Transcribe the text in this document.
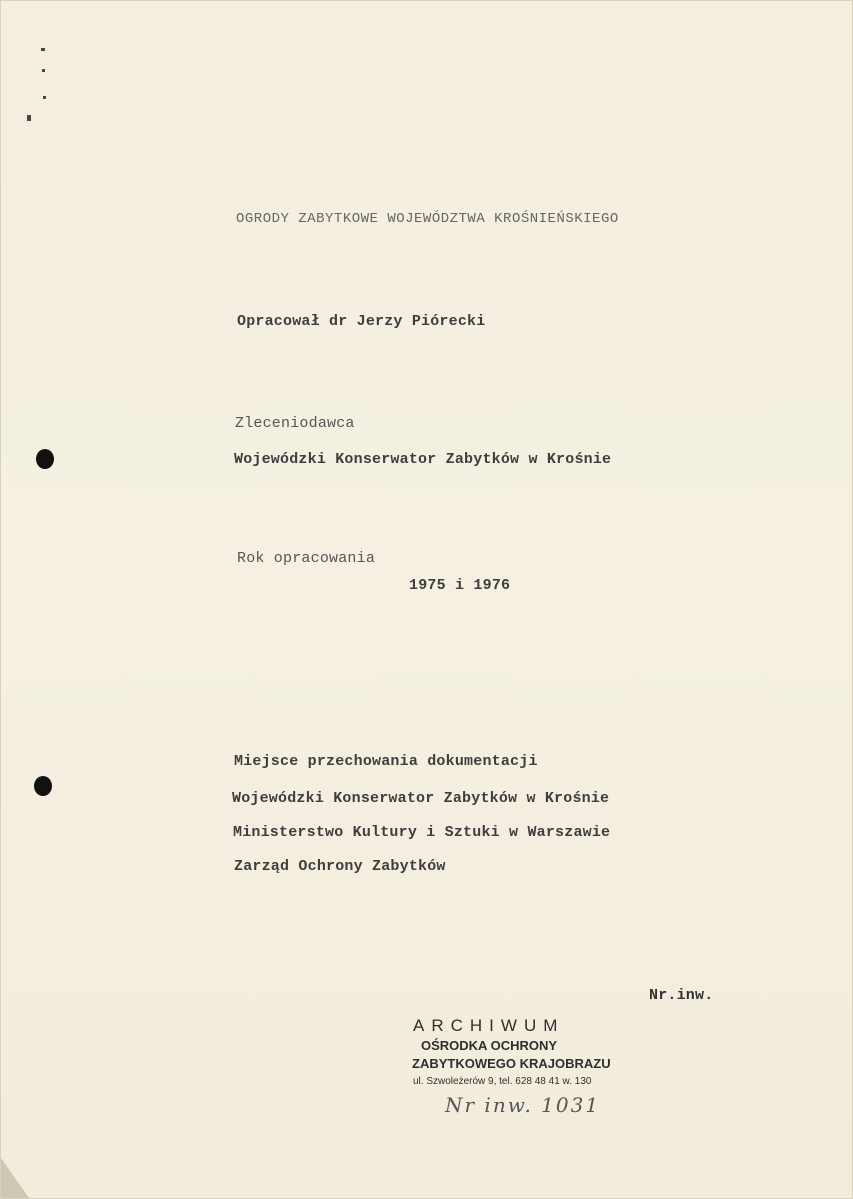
OGRODY ZABYTKOWE WOJEWÓDZTWA KROŚNIEŃSKIEGO
Opracował dr Jerzy Piórecki
Zleceniodawca
Wojewódzki Konserwator Zabytków w Krośnie
Rok opracowania
1975 i 1976
Miejsce przechowania dokumentacji
Wojewódzki Konserwator Zabytków w Krośnie
Ministerstwo Kultury i Sztuki w Warszawie
Zarząd Ochrony Zabytków
Nr.inw.
ARCHIWUM
OŚRODKA OCHRONY
ZABYTKOWEGO KRAJOBRAZU
ul. Szwoleżerów 9, tel. 628 48 41 w. 130
Nr inw. 1031
